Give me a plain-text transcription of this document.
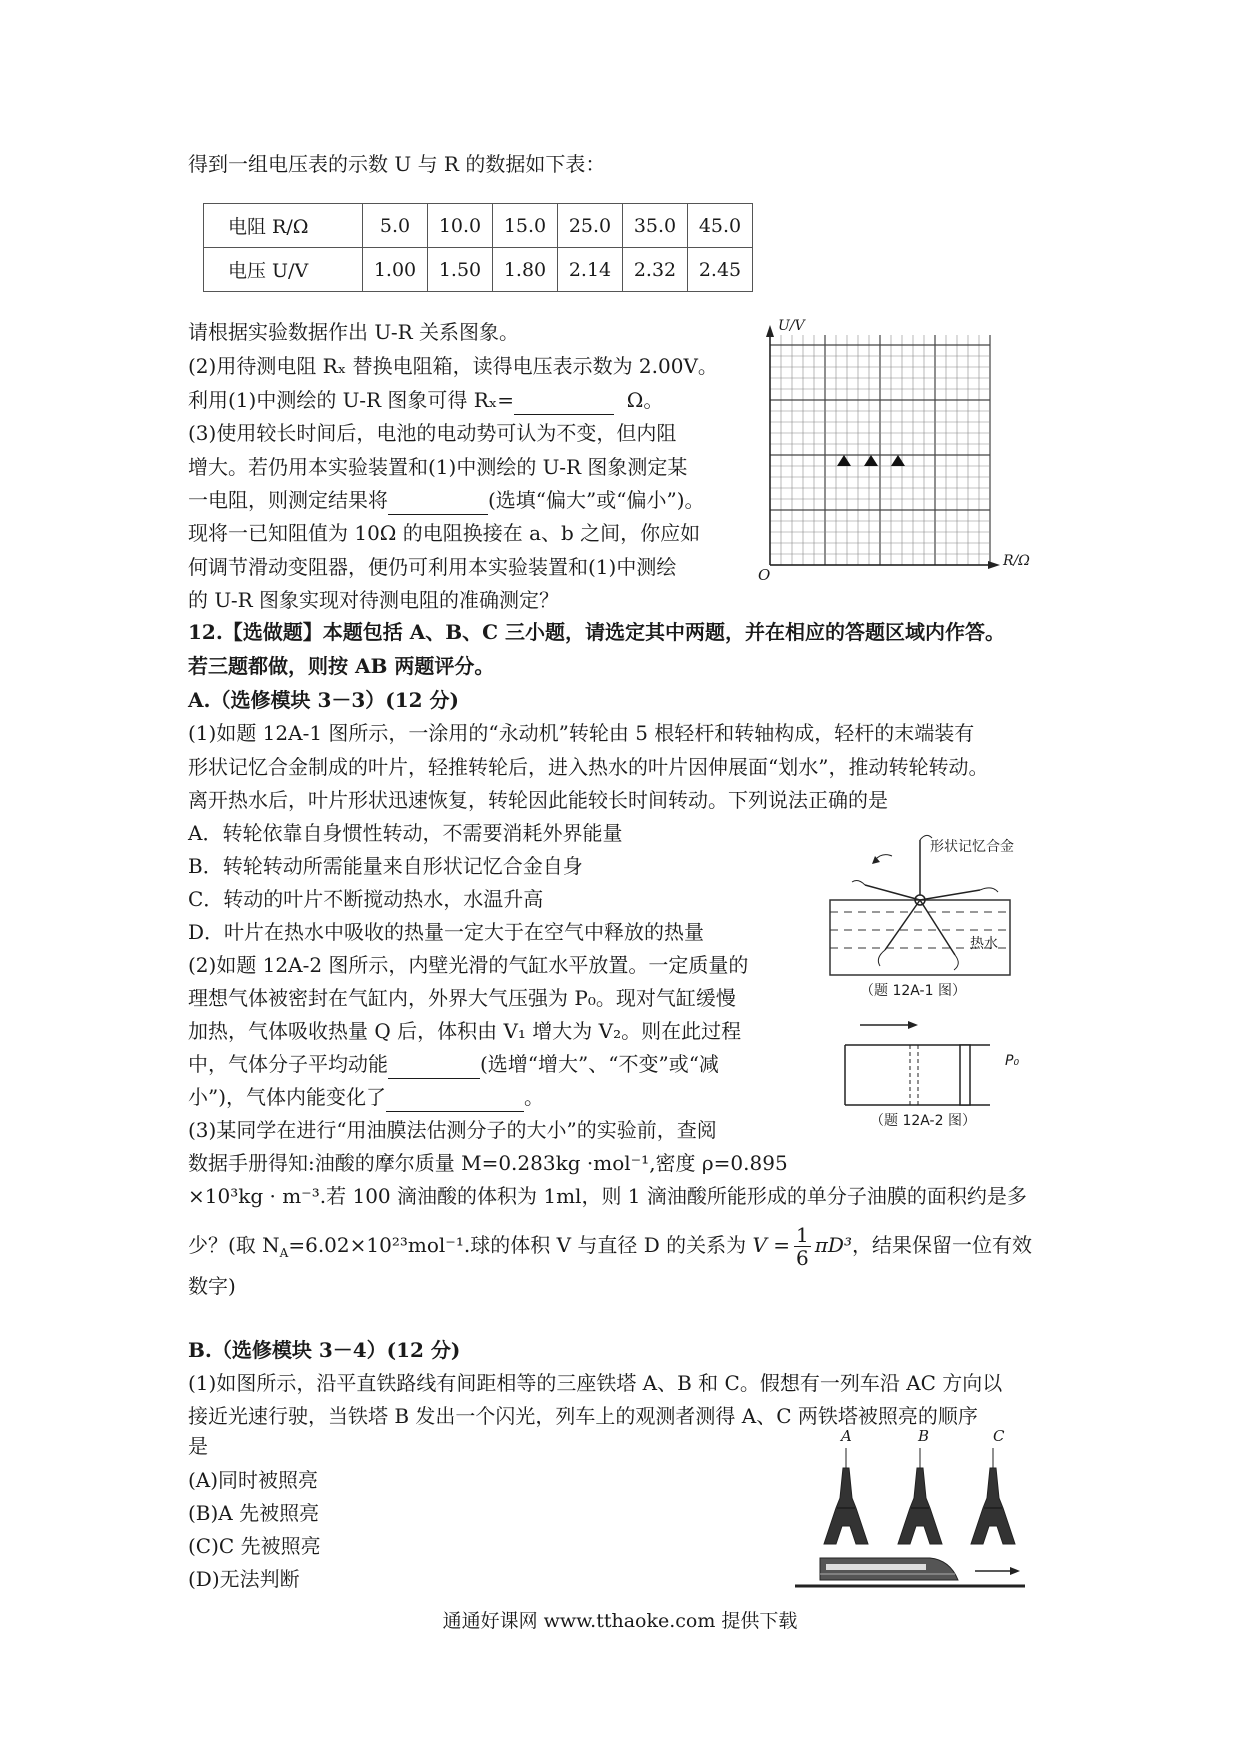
得到一组电压表的示数 U 与 R 的数据如下表：
电阻 R/Ω	5.0	10.0	15.0	25.0	35.0	45.0
电压 U/V	1.00	1.50	1.80	2.14	2.32	2.45
U/V
R/Ω
O
请根据实验数据作出 U-R 关系图象。
(2)用待测电阻 Rₓ 替换电阻箱，读得电压表示数为 2.00V。
利用(1)中测绘的 U-R 图象可得 Rₓ=	Ω。
(3)使用较长时间后，电池的电动势可认为不变，但内阻
增大。若仍用本实验装置和(1)中测绘的 U-R 图象测定某
一电阻，则测定结果将	(选填“偏大”或“偏小”)。
现将一已知阻值为 10Ω 的电阻换接在 a、b 之间，你应如
何调节滑动变阻器，便仍可利用本实验装置和(1)中测绘
的 U-R 图象实现对待测电阻的准确测定？
12.【选做题】本题包括 A、B、C 三小题，请选定其中两题，并在相应的答题区域内作答。
若三题都做，则按 AB 两题评分。
A.（选修模块 3－3）(12 分)
(1)如题 12A-1 图所示，一涂用的“永动机”转轮由 5 根轻杆和转轴构成，轻杆的末端装有
形状记忆合金制成的叶片，轻推转轮后，进入热水的叶片因伸展面“划水”，推动转轮转动。
离开热水后，叶片形状迅速恢复，转轮因此能较长时间转动。下列说法正确的是
A．转轮依靠自身惯性转动，不需要消耗外界能量
B．转轮转动所需能量来自形状记忆合金自身
C．转动的叶片不断搅动热水，水温升高
D．叶片在热水中吸收的热量一定大于在空气中释放的热量
形状记忆合金
热水
（题 12A-1 图）
(2)如题 12A-2 图所示，内壁光滑的气缸水平放置。一定质量的
理想气体被密封在气缸内，外界大气压强为 P₀。现对气缸缓慢
加热，气体吸收热量 Q 后，体积由 V₁ 增大为 V₂。则在此过程
中，气体分子平均动能	(选增“增大”、“不变”或“减
小”)，气体内能变化了	。
P₀
（题 12A-2 图）
(3)某同学在进行“用油膜法估测分子的大小”的实验前，查阅
数据手册得知:油酸的摩尔质量 M=0.283kg ·mol⁻¹,密度 ρ=0.895
×10³kg · m⁻³.若 100 滴油酸的体积为 1ml，则 1 滴油酸所能形成的单分子油膜的面积约是多
少？(取 $N_A=6.02\times 10^{23}mol^{-1}$.球的体积 V 与直径 D 的关系为 $V = \frac{1}{6} \pi D^3$，结果保留一位有效
数字)
B.（选修模块 3－4）(12 分)
(1)如图所示，沿平直铁路线有间距相等的三座铁塔 A、B 和 C。假想有一列车沿 AC 方向以
接近光速行驶，当铁塔 B 发出一个闪光，列车上的观测者测得 A、C 两铁塔被照亮的顺序
是
(A)同时被照亮
(B)A 先被照亮
(C)C 先被照亮
(D)无法判断
A	B	C
通通好课网 www.tthaoke.com 提供下载
